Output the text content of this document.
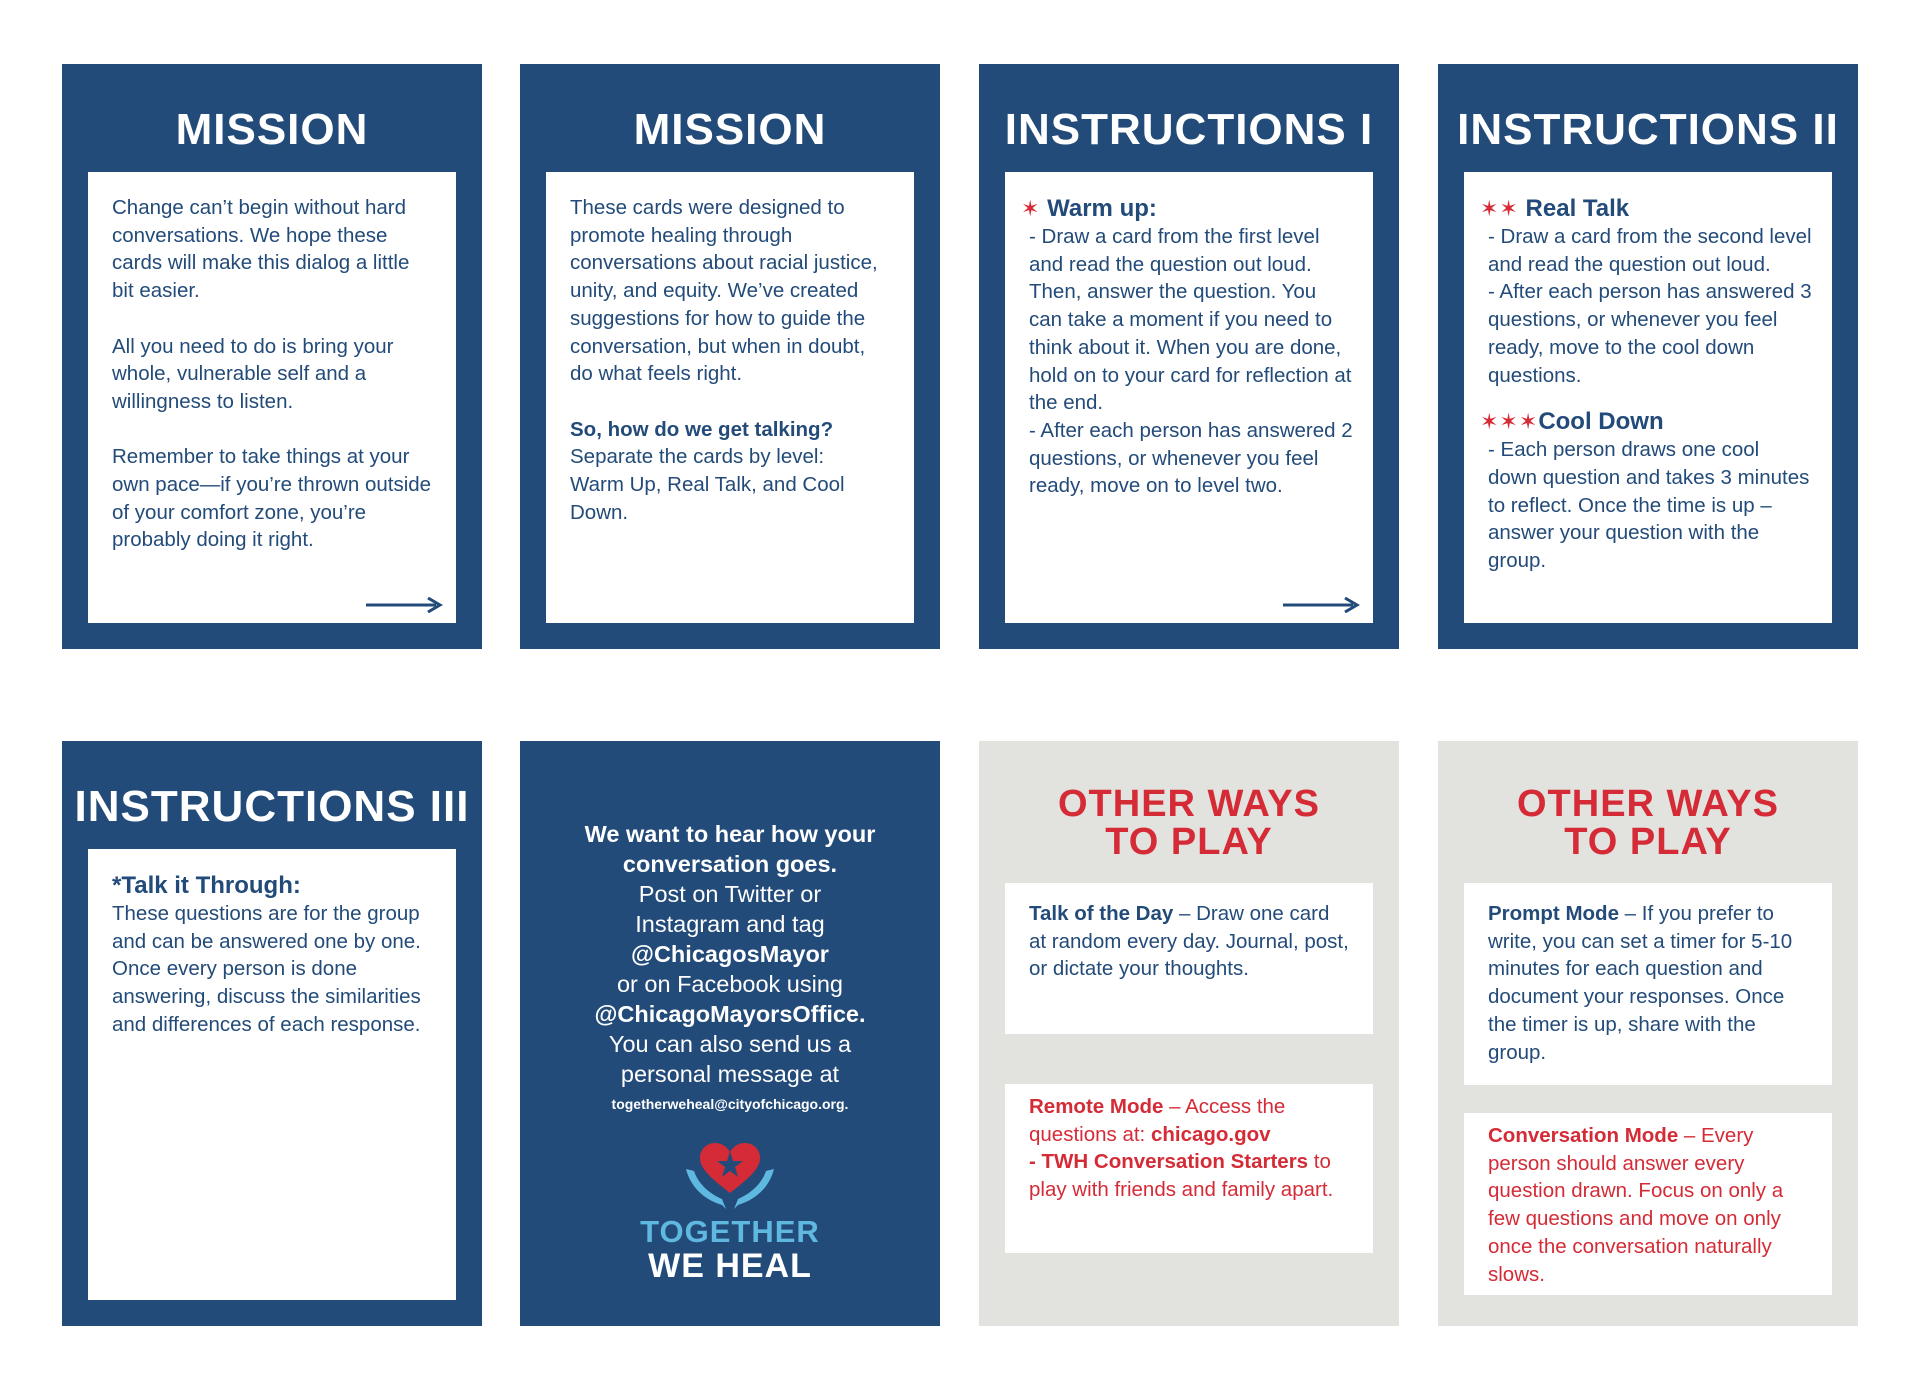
MISSION

Change can’t begin without hard conversations. We hope these cards will make this dialog a little bit easier.

All you need to do is bring your whole, vulnerable self and a willingness to listen.

Remember to take things at your own pace—if you’re thrown outside of your comfort zone, you’re probably doing it right.

MISSION

These cards were designed to promote healing through conversations about racial justice, unity, and equity. We’ve created suggestions for how to guide the conversation, but when in doubt, do what feels right.

So, how do we get talking?

Separate the cards by level: Warm Up, Real Talk, and Cool Down.

INSTRUCTIONS I

✶ Warm up:

- Draw a card from the first level and read the question out loud. Then, answer the question. You can take a moment if you need to think about it. When you are done, hold on to your card for reflection at the end.

- After each person has answered 2 questions, or whenever you feel ready, move on to level two.

INSTRUCTIONS II

✶✶ Real Talk

- Draw a card from the second level and read the question out loud.

- After each person has answered 3 questions, or whenever you feel ready, move to the cool down questions.

✶✶✶Cool Down

- Each person draws one cool down question and takes 3 minutes to reflect. Once the time is up – answer your question with the group.

INSTRUCTIONS III

*Talk it Through:

These questions are for the group and can be answered one by one. Once every person is done answering, discuss the similarities and differences of each response.

We want to hear how your conversation goes.
Post on Twitter or
Instagram and tag
@ChicagosMayor
or on Facebook using
@ChicagoMayorsOffice.
You can also send us a
personal message at
togetherweheal@cityofchicago.org.
TOGETHER
WE HEAL
OTHER WAYS
TO PLAY

Talk of the Day – Draw one card at random every day. Journal, post, or dictate your thoughts.

Remote Mode – Access the questions at: chicago.gov
- TWH Conversation Starters to play with friends and family apart.

OTHER WAYS
TO PLAY

Prompt Mode – If you prefer to write, you can set a timer for 5-10 minutes for each question and document your responses. Once the timer is up, share with the group.

Conversation Mode – Every person should answer every question drawn. Focus on only a few questions and move on only once the conversation naturally slows.
